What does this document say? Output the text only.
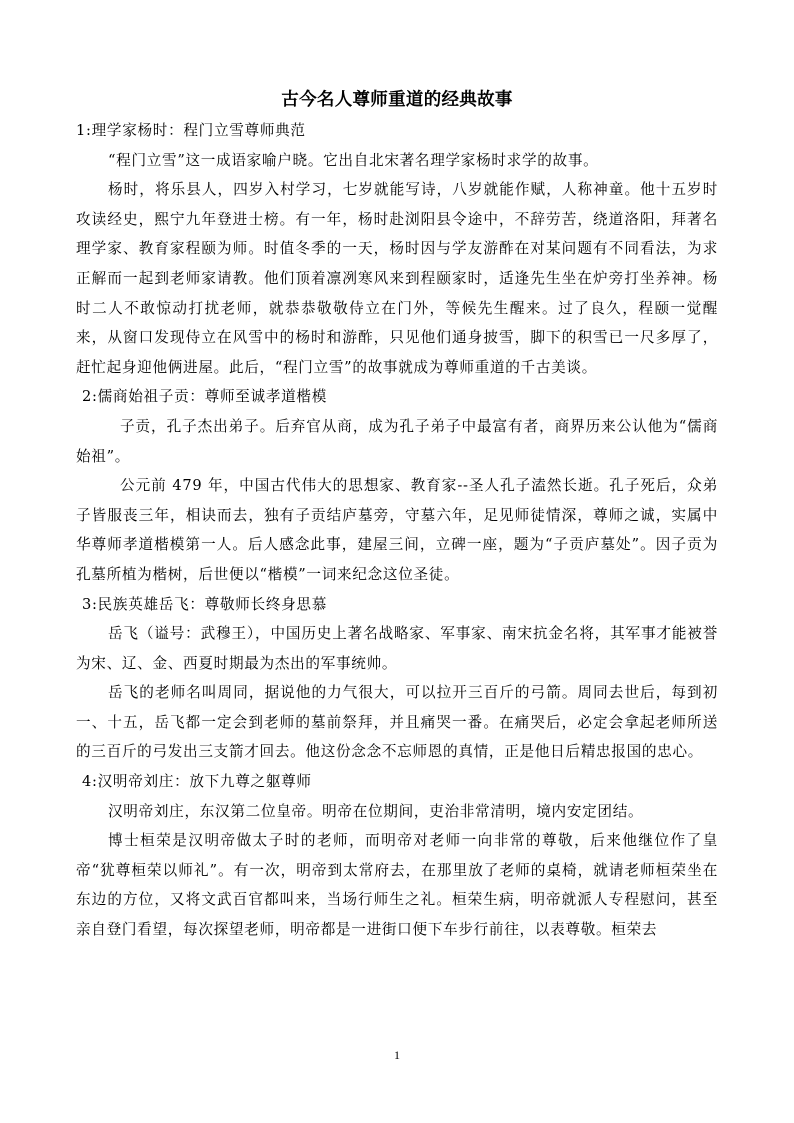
古今名人尊师重道的经典故事

1:理学家杨时：程门立雪尊师典范

“程门立雪”这一成语家喻户晓。它出自北宋著名理学家杨时求学的故事。

杨时，将乐县人，四岁入村学习，七岁就能写诗，八岁就能作赋，人称神童。他十五岁时攻读经史，熙宁九年登进士榜。有一年，杨时赴浏阳县令途中，不辞劳苦，绕道洛阳，拜著名理学家、教育家程颐为师。时值冬季的一天，杨时因与学友游酢在对某问题有不同看法，为求正解而一起到老师家请教。他们顶着凛冽寒风来到程颐家时，适逢先生坐在炉旁打坐养神。杨时二人不敢惊动打扰老师，就恭恭敬敬侍立在门外，等候先生醒来。过了良久，程颐一觉醒来，从窗口发现侍立在风雪中的杨时和游酢，只见他们通身披雪，脚下的积雪已一尺多厚了，赶忙起身迎他俩进屋。此后，“程门立雪”的故事就成为尊师重道的千古美谈。

2:儒商始祖子贡：尊师至诚孝道楷模

子贡，孔子杰出弟子。后弃官从商，成为孔子弟子中最富有者，商界历来公认他为“儒商始祖”。

公元前 479 年，中国古代伟大的思想家、教育家--圣人孔子溘然长逝。孔子死后，众弟子皆服丧三年，相诀而去，独有子贡结庐墓旁，守墓六年，足见师徒情深，尊师之诚，实属中华尊师孝道楷模第一人。后人感念此事，建屋三间，立碑一座，题为“子贡庐墓处”。因子贡为孔墓所植为楷树，后世便以“楷模”一词来纪念这位圣徒。

3:民族英雄岳飞：尊敬师长终身思慕

岳飞（谥号：武穆王），中国历史上著名战略家、军事家、南宋抗金名将，其军事才能被誉为宋、辽、金、西夏时期最为杰出的军事统帅。

岳飞的老师名叫周同，据说他的力气很大，可以拉开三百斤的弓箭。周同去世后，每到初一、十五，岳飞都一定会到老师的墓前祭拜，并且痛哭一番。在痛哭后，必定会拿起老师所送的三百斤的弓发出三支箭才回去。他这份念念不忘师恩的真情，正是他日后精忠报国的忠心。

4:汉明帝刘庄：放下九尊之躯尊师

汉明帝刘庄，东汉第二位皇帝。明帝在位期间，吏治非常清明，境内安定团结。

博士桓荣是汉明帝做太子时的老师，而明帝对老师一向非常的尊敬，后来他继位作了皇帝“犹尊桓荣以师礼”。有一次，明帝到太常府去，在那里放了老师的桌椅，就请老师桓荣坐在东边的方位，又将文武百官都叫来，当场行师生之礼。桓荣生病，明帝就派人专程慰问，甚至亲自登门看望，每次探望老师，明帝都是一进街口便下车步行前往，以表尊敬。桓荣去

1
